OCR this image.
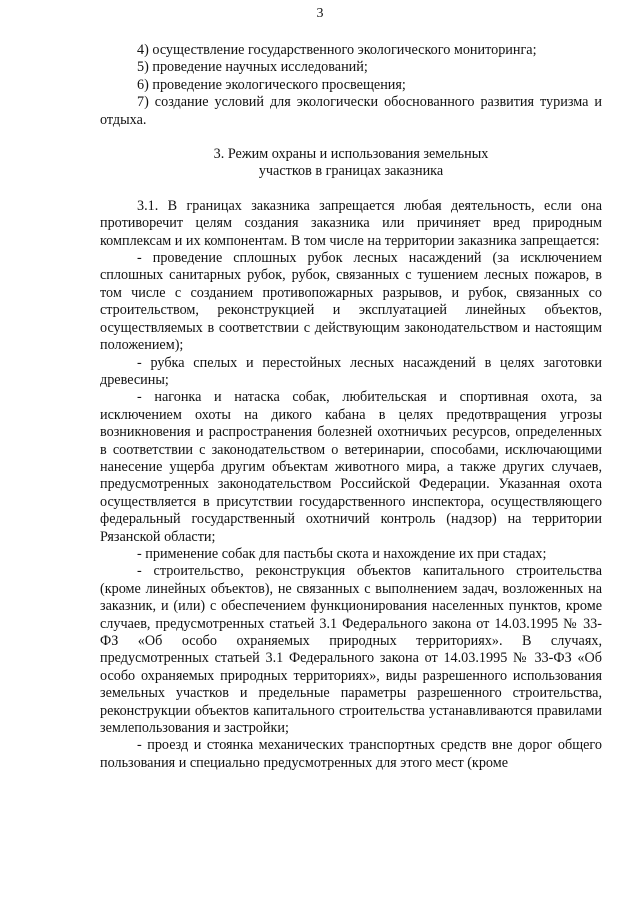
3

4) осуществление государственного экологического мониторинга;

5) проведение научных исследований;

6) проведение экологического просвещения;

7) создание условий для экологически обоснованного развития туризма и отдыха.

3. Режим охраны и использования земельных

участков в границах заказника

3.1. В границах заказника запрещается любая деятельность, если она противоречит целям создания заказника или причиняет вред природным комплексам и их компонентам. В том числе на территории заказника запрещается:

- проведение сплошных рубок лесных насаждений (за исключением сплошных санитарных рубок, рубок, связанных с тушением лесных пожаров, в том числе с созданием противопожарных разрывов, и рубок, связанных со строительством, реконструкцией и эксплуатацией линейных объектов, осуществляемых в соответствии с действующим законодательством и настоящим положением);

- рубка спелых и перестойных лесных насаждений в целях заготовки древесины;

- нагонка и натаска собак, любительская и спортивная охота, за исключением охоты на дикого кабана в целях предотвращения угрозы возникновения и распространения болезней охотничьих ресурсов, определенных в соответствии с законодательством о ветеринарии, способами, исключающими нанесение ущерба другим объектам животного мира, а также других случаев, предусмотренных законодательством Российской Федерации. Указанная охота осуществляется в присутствии государственного инспектора, осуществляющего федеральный государственный охотничий контроль (надзор) на территории Рязанской области;

- применение собак для пастьбы скота и нахождение их при стадах;

- строительство, реконструкция объектов капитального строительства (кроме линейных объектов), не связанных с выполнением задач, возложенных на заказник, и (или) с обеспечением функционирования населенных пунктов, кроме случаев, предусмотренных статьей 3.1 Федерального закона от 14.03.1995 № 33-ФЗ «Об особо охраняемых природных территориях». В случаях, предусмотренных статьей 3.1 Федерального закона от 14.03.1995 № 33-ФЗ «Об особо охраняемых природных территориях», виды разрешенного использования земельных участков и предельные параметры разрешенного строительства, реконструкции объектов капитального строительства устанавливаются правилами землепользования и застройки;

- проезд и стоянка механических транспортных средств вне дорог общего пользования и специально предусмотренных для этого мест (кроме
